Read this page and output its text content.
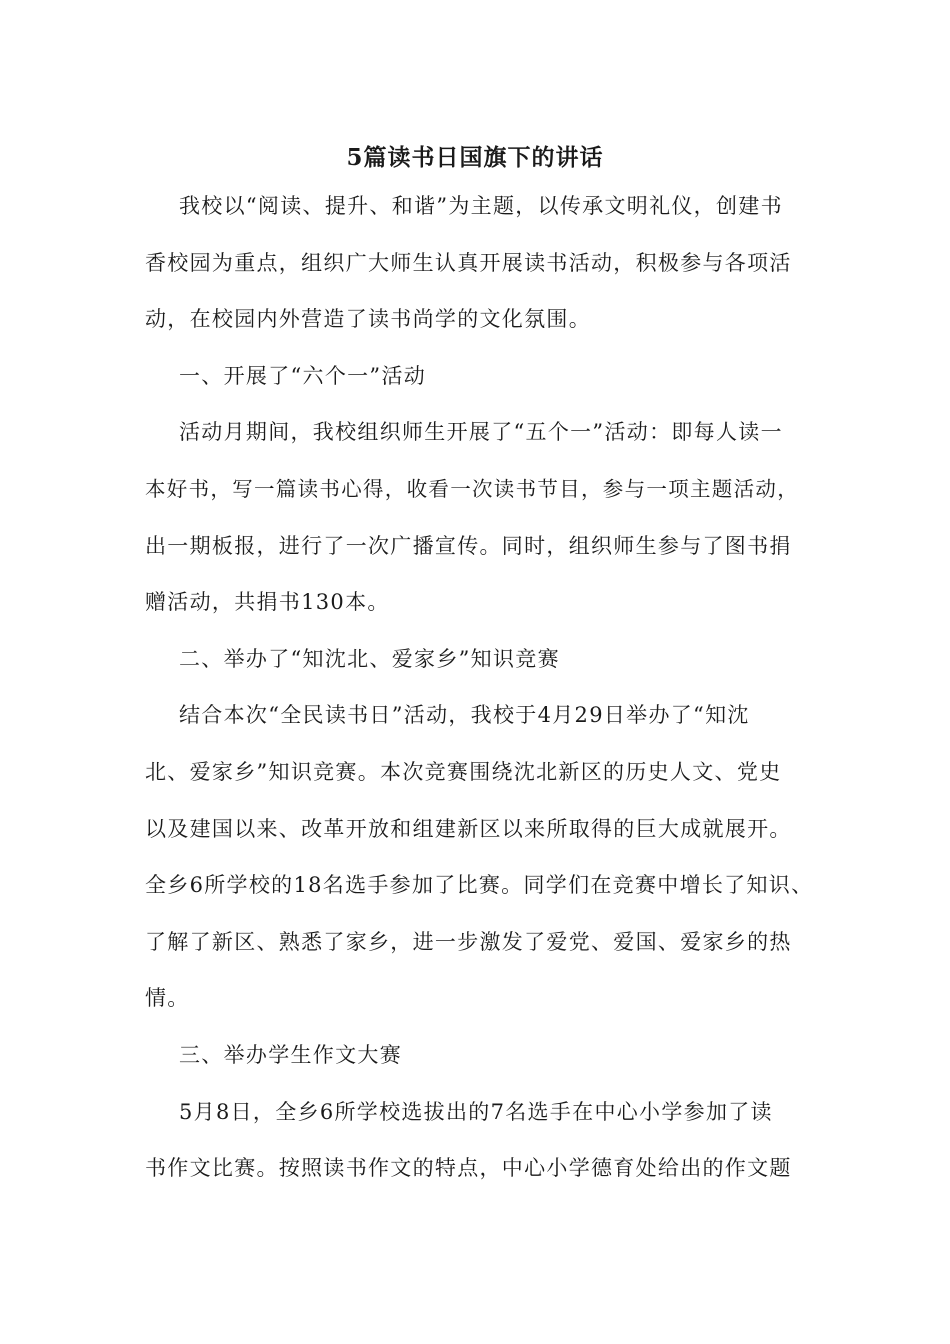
5篇读书日国旗下的讲话
我校以“阅读、提升、和谐”为主题，以传承文明礼仪，创建书
香校园为重点，组织广大师生认真开展读书活动，积极参与各项活
动，在校园内外营造了读书尚学的文化氛围。
一、开展了“六个一”活动
活动月期间，我校组织师生开展了“五个一”活动：即每人读一
本好书，写一篇读书心得，收看一次读书节目，参与一项主题活动，
出一期板报，进行了一次广播宣传。同时，组织师生参与了图书捐
赠活动，共捐书130本。
二、举办了“知沈北、爱家乡”知识竞赛
结合本次“全民读书日”活动，我校于4月29日举办了“知沈
北、爱家乡”知识竞赛。本次竞赛围绕沈北新区的历史人文、党史
以及建国以来、改革开放和组建新区以来所取得的巨大成就展开。
全乡6所学校的18名选手参加了比赛。同学们在竞赛中增长了知识、
了解了新区、熟悉了家乡，进一步激发了爱党、爱国、爱家乡的热
情。
三、举办学生作文大赛
5月8日，全乡6所学校选拔出的7名选手在中心小学参加了读
书作文比赛。按照读书作文的特点，中心小学德育处给出的作文题
